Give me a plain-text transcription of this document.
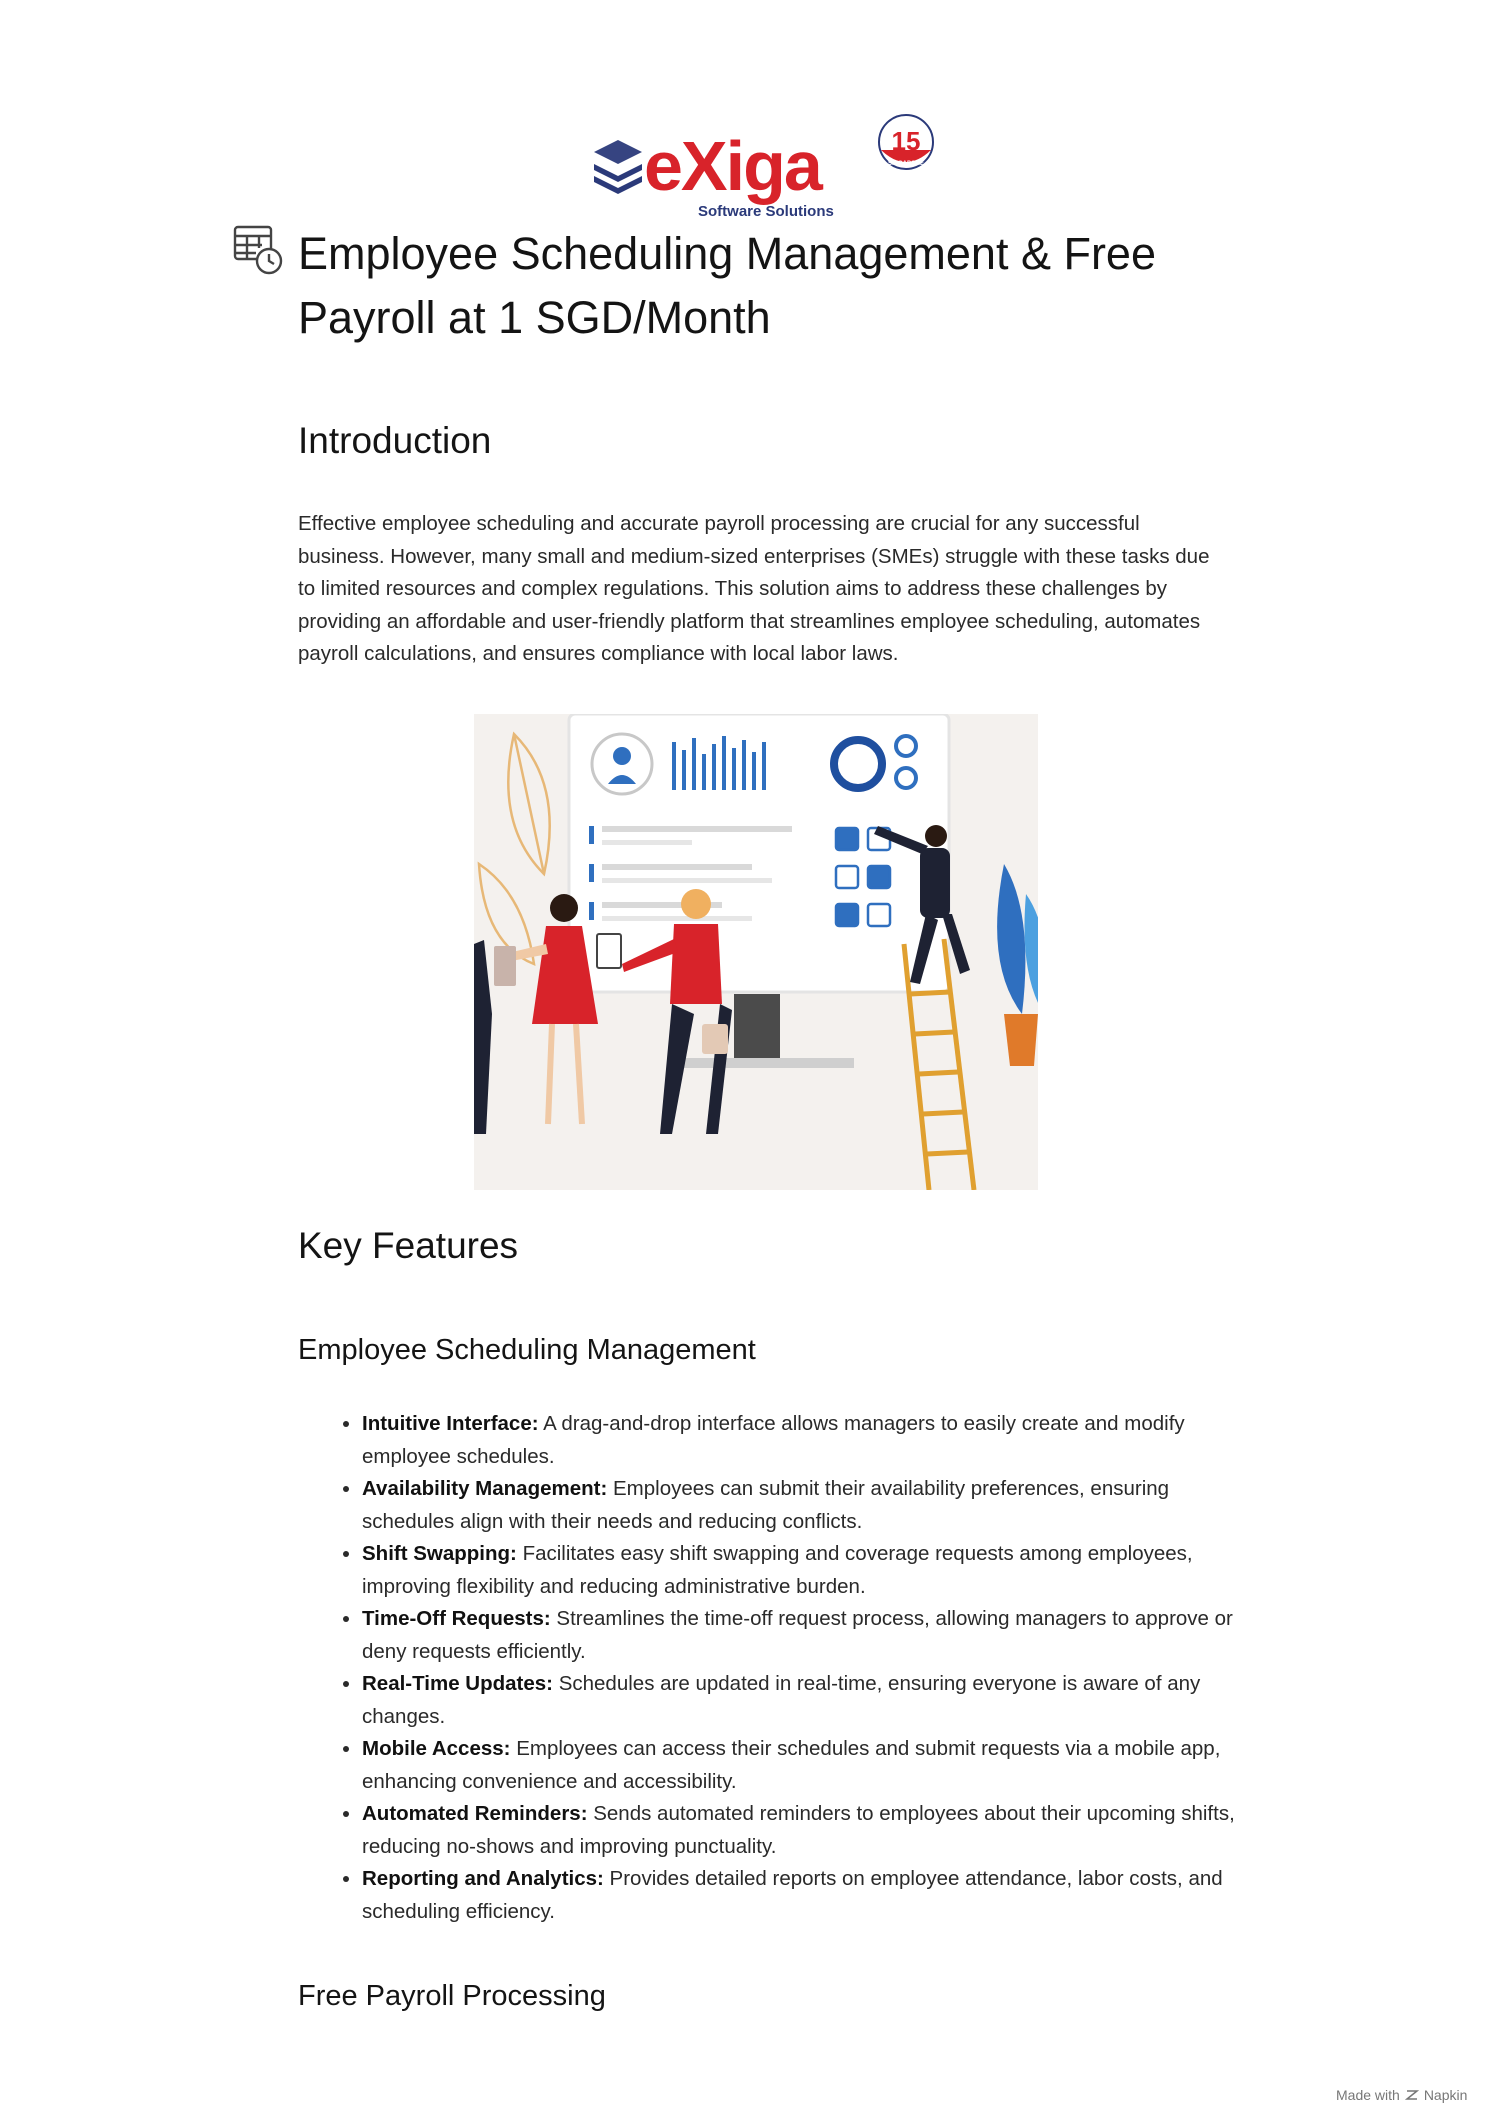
eXiga
Software Solutions
15
SINGAPORE
Employee Scheduling Management & Free Payroll at 1 SGD/Month
Introduction

Effective employee scheduling and accurate payroll processing are crucial for any successful business. However, many small and medium-sized enterprises (SMEs) struggle with these tasks due to limited resources and complex regulations. This solution aims to address these challenges by providing an affordable and user-friendly platform that streamlines employee scheduling, automates payroll calculations, and ensures compliance with local labor laws.

Key Features
Employee Scheduling Management
• Intuitive Interface: A drag-and-drop interface allows managers to easily create and modify employee schedules.
• Availability Management: Employees can submit their availability preferences, ensuring schedules align with their needs and reducing conflicts.
• Shift Swapping: Facilitates easy shift swapping and coverage requests among employees, improving flexibility and reducing administrative burden.
• Time-Off Requests: Streamlines the time-off request process, allowing managers to approve or deny requests efficiently.
• Real-Time Updates: Schedules are updated in real-time, ensuring everyone is aware of any changes.
• Mobile Access: Employees can access their schedules and submit requests via a mobile app, enhancing convenience and accessibility.
• Automated Reminders: Sends automated reminders to employees about their upcoming shifts, reducing no-shows and improving punctuality.
• Reporting and Analytics: Provides detailed reports on employee attendance, labor costs, and scheduling efficiency.
Free Payroll Processing
Made with Napkin
